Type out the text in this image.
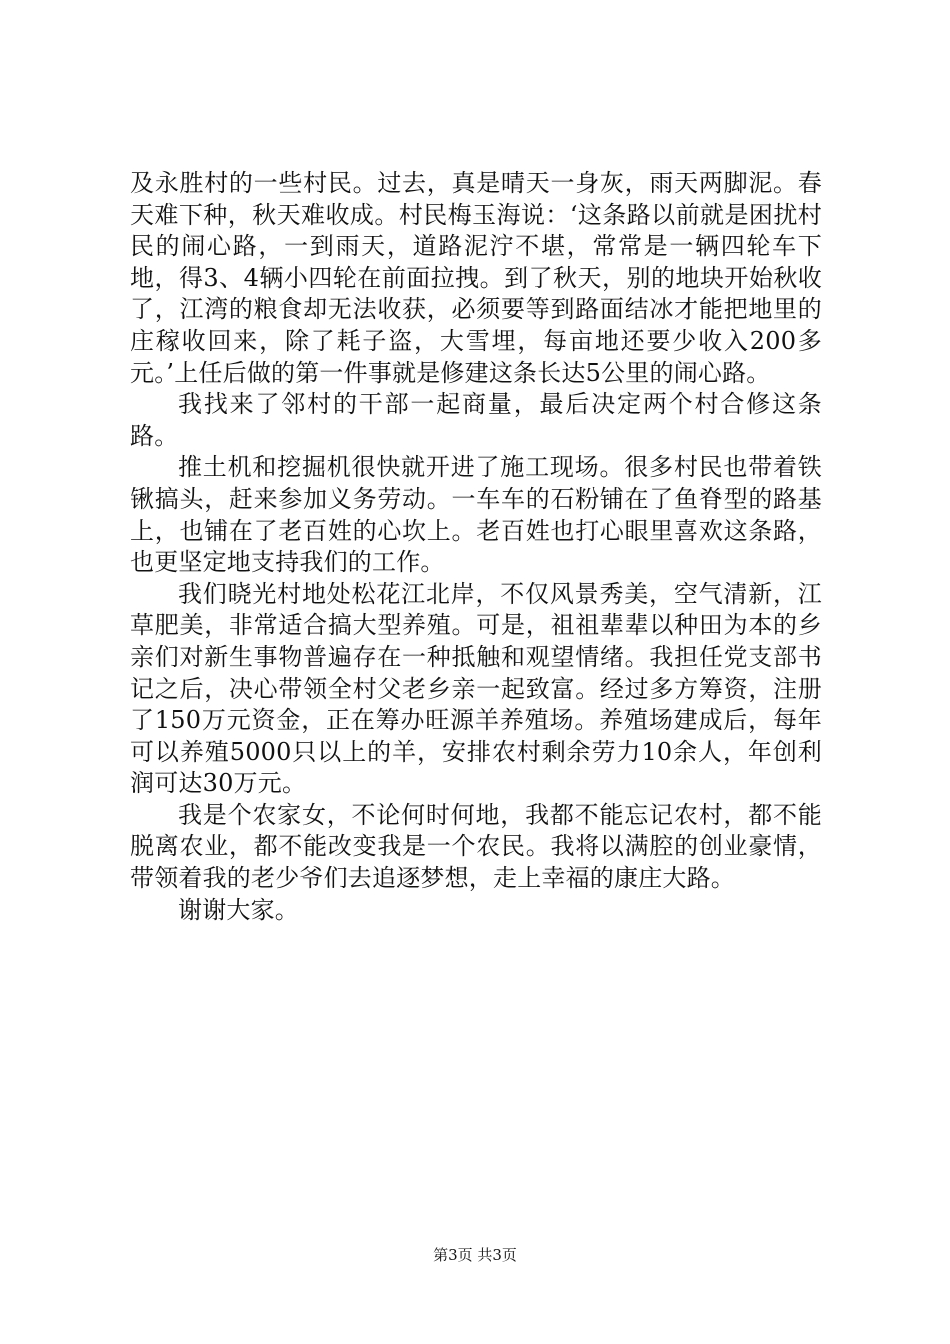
及永胜村的一些村民。过去，真是晴天一身灰，雨天两脚泥。春天难下种，秋天难收成。村民梅玉海说：‘这条路以前就是困扰村民的闹心路，一到雨天，道路泥泞不堪，常常是一辆四轮车下地，得3、4辆小四轮在前面拉拽。到了秋天，别的地块开始秋收了，江湾的粮食却无法收获，必须要等到路面结冰才能把地里的庄稼收回来，除了耗子盗，大雪埋，每亩地还要少收入200多元。’上任后做的第一件事就是修建这条长达5公里的闹心路。

我找来了邻村的干部一起商量，最后决定两个村合修这条路。

推土机和挖掘机很快就开进了施工现场。很多村民也带着铁锹搞头，赶来参加义务劳动。一车车的石粉铺在了鱼脊型的路基上，也铺在了老百姓的心坎上。老百姓也打心眼里喜欢这条路，也更坚定地支持我们的工作。

我们晓光村地处松花江北岸，不仅风景秀美，空气清新，江草肥美，非常适合搞大型养殖。可是，祖祖辈辈以种田为本的乡亲们对新生事物普遍存在一种抵触和观望情绪。我担任党支部书记之后，决心带领全村父老乡亲一起致富。经过多方筹资，注册了150万元资金，正在筹办旺源羊养殖场。养殖场建成后，每年可以养殖5000只以上的羊，安排农村剩余劳力10余人，年创利润可达30万元。

我是个农家女，不论何时何地，我都不能忘记农村，都不能脱离农业，都不能改变我是一个农民。我将以满腔的创业豪情，带领着我的老少爷们去追逐梦想，走上幸福的康庄大路。

谢谢大家。

第3页 共3页
